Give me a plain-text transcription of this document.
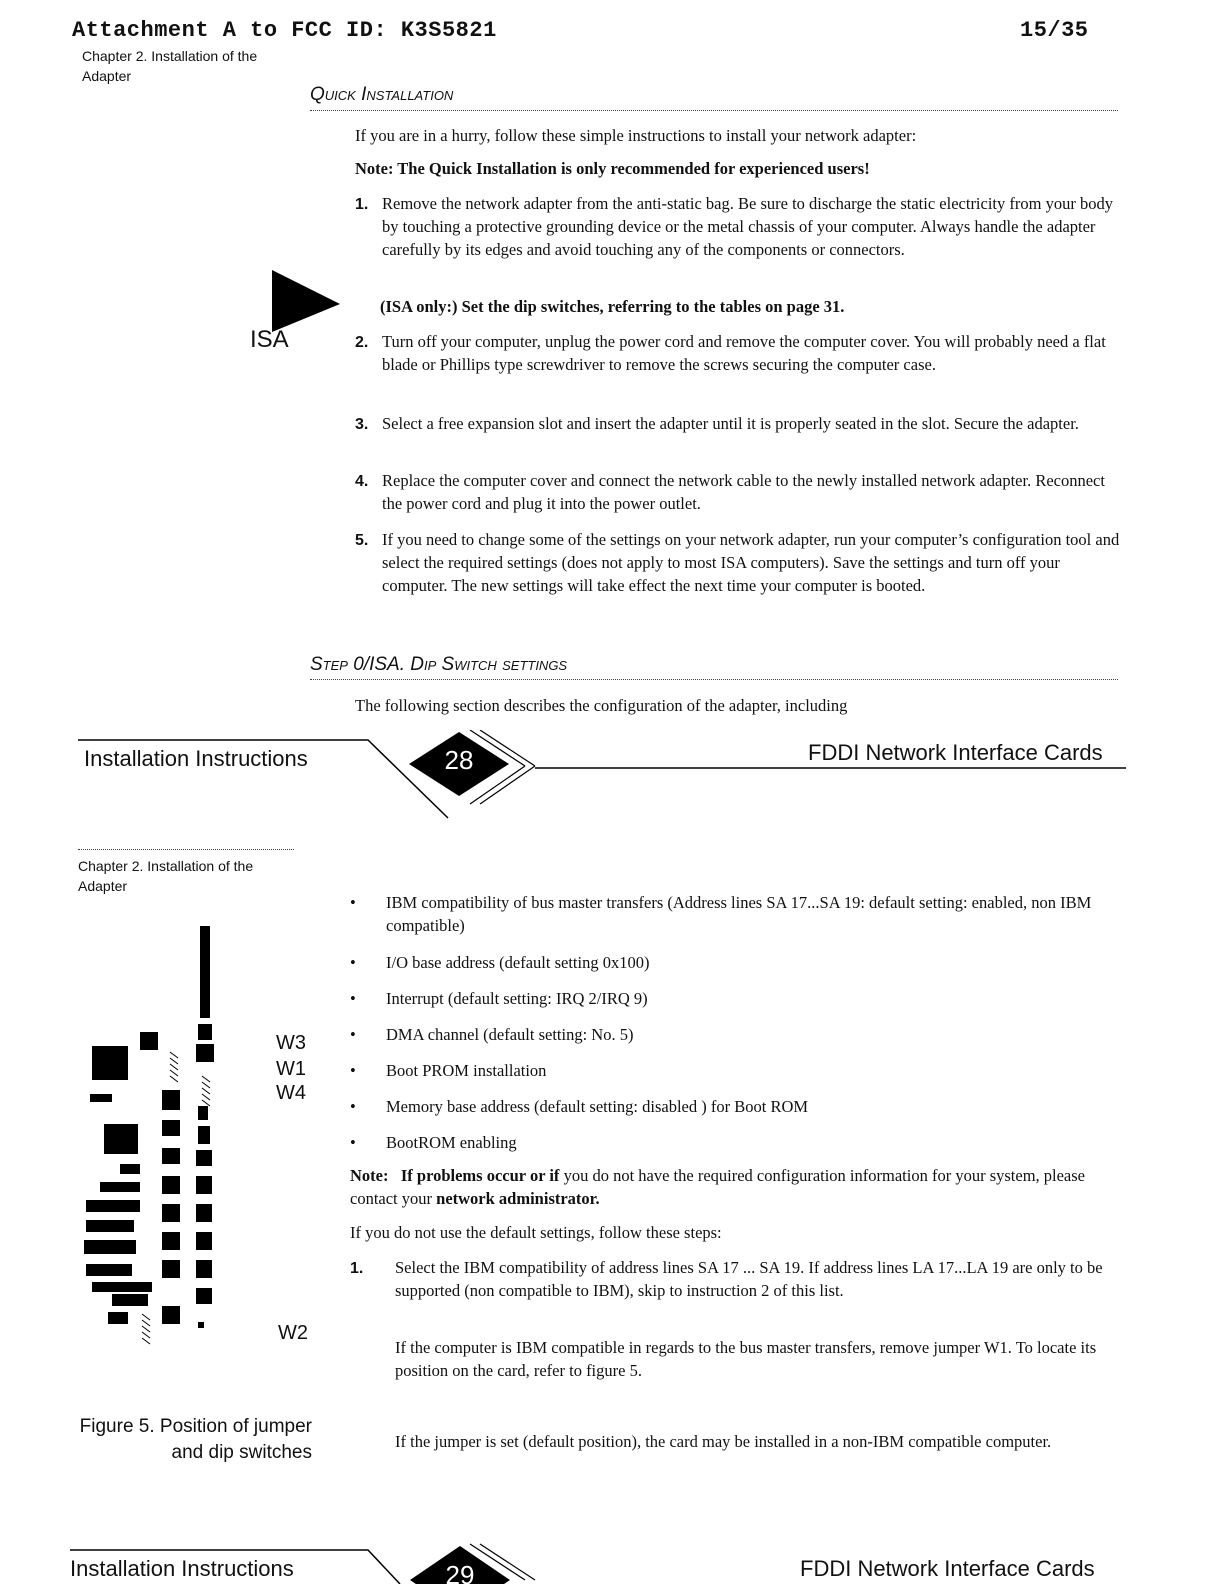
Attachment A to FCC ID: K3S5821	15/35
Chapter 2. Installation of the
Adapter
Quick Installation
If you are in a hurry, follow these simple instructions to install your network adapter:
Note: The Quick Installation is only recommended for experienced users!
1. Remove the network adapter from the anti-static bag. Be sure to discharge the static electricity from your body by touching a protective grounding device or the metal chassis of your computer. Always handle the adapter carefully by its edges and avoid touching any of the components or connectors.
ISA
(ISA only:) Set the dip switches, referring to the tables on page 31.
2. Turn off your computer, unplug the power cord and remove the computer cover. You will probably need a flat blade or Phillips type screwdriver to remove the screws securing the computer case.
3. Select a free expansion slot and insert the adapter until it is properly seated in the slot. Secure the adapter.
4. Replace the computer cover and connect the network cable to the newly installed network adapter. Reconnect the power cord and plug it into the power outlet.
5. If you need to change some of the settings on your network adapter, run your computer’s configuration tool and select the required settings (does not apply to most ISA computers). Save the settings and turn off your computer. The new settings will take effect the next time your computer is booted.
Step 0/ISA. Dip Switch settings
The following section describes the configuration of the adapter, including
Installation Instructions	28	FDDI Network Interface Cards
Chapter 2. Installation of the
Adapter
• IBM compatibility of bus master transfers (Address lines SA 17...SA 19: default setting: enabled, non IBM compatible)
• I/O base address (default setting 0x100)
• Interrupt (default setting: IRQ 2/IRQ 9)
• DMA channel (default setting: No. 5)
• Boot PROM installation
• Memory base address (default setting: disabled ) for Boot ROM
• BootROM enabling
Note: If problems occur or if you do not have the required configuration information for your system, please contact your network administrator.
If you do not use the default settings, follow these steps:
1. Select the IBM compatibility of address lines SA 17 ... SA 19. If address lines LA 17...LA 19 are only to be supported (non compatible to IBM), skip to instruction 2 of this list.
If the computer is IBM compatible in regards to the bus master transfers, remove jumper W1. To locate its position on the card, refer to figure 5.
If the jumper is set (default position), the card may be installed in a non-IBM compatible computer.
W3
W1
W4
W2
Figure 5. Position of jumper
and dip switches
Installation Instructions	29	FDDI Network Interface Cards
